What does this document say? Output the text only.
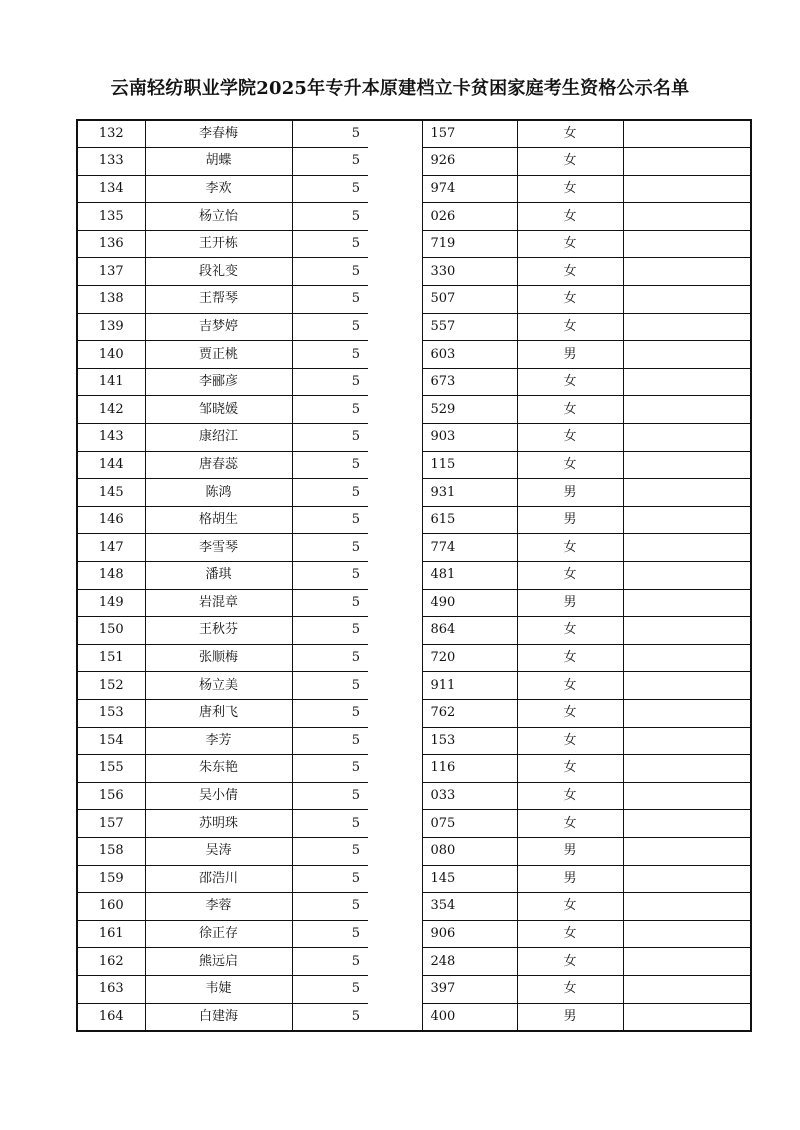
云南轻纺职业学院2025年专升本原建档立卡贫困家庭考生资格公示名单
132	李春梅	5		157	女	
133	胡蝶	5		926	女	
134	李欢	5		974	女	
135	杨立怡	5		026	女	
136	王开栋	5		719	女	
137	段礼变	5		330	女	
138	王帮琴	5		507	女	
139	吉梦婷	5		557	女	
140	贾正桃	5		603	男	
141	李郦彦	5		673	女	
142	邹晓媛	5		529	女	
143	康绍江	5		903	女	
144	唐春蕊	5		115	女	
145	陈鸿	5		931	男	
146	格胡生	5		615	男	
147	李雪琴	5		774	女	
148	潘琪	5		481	女	
149	岩混章	5		490	男	
150	王秋芬	5		864	女	
151	张顺梅	5		720	女	
152	杨立美	5		911	女	
153	唐利飞	5		762	女	
154	李芳	5		153	女	
155	朱东艳	5		116	女	
156	吴小倩	5		033	女	
157	苏明珠	5		075	女	
158	吴涛	5		080	男	
159	邵浩川	5		145	男	
160	李蓉	5		354	女	
161	徐正存	5		906	女	
162	熊远启	5		248	女	
163	韦婕	5		397	女	
164	白建海	5		400	男	
